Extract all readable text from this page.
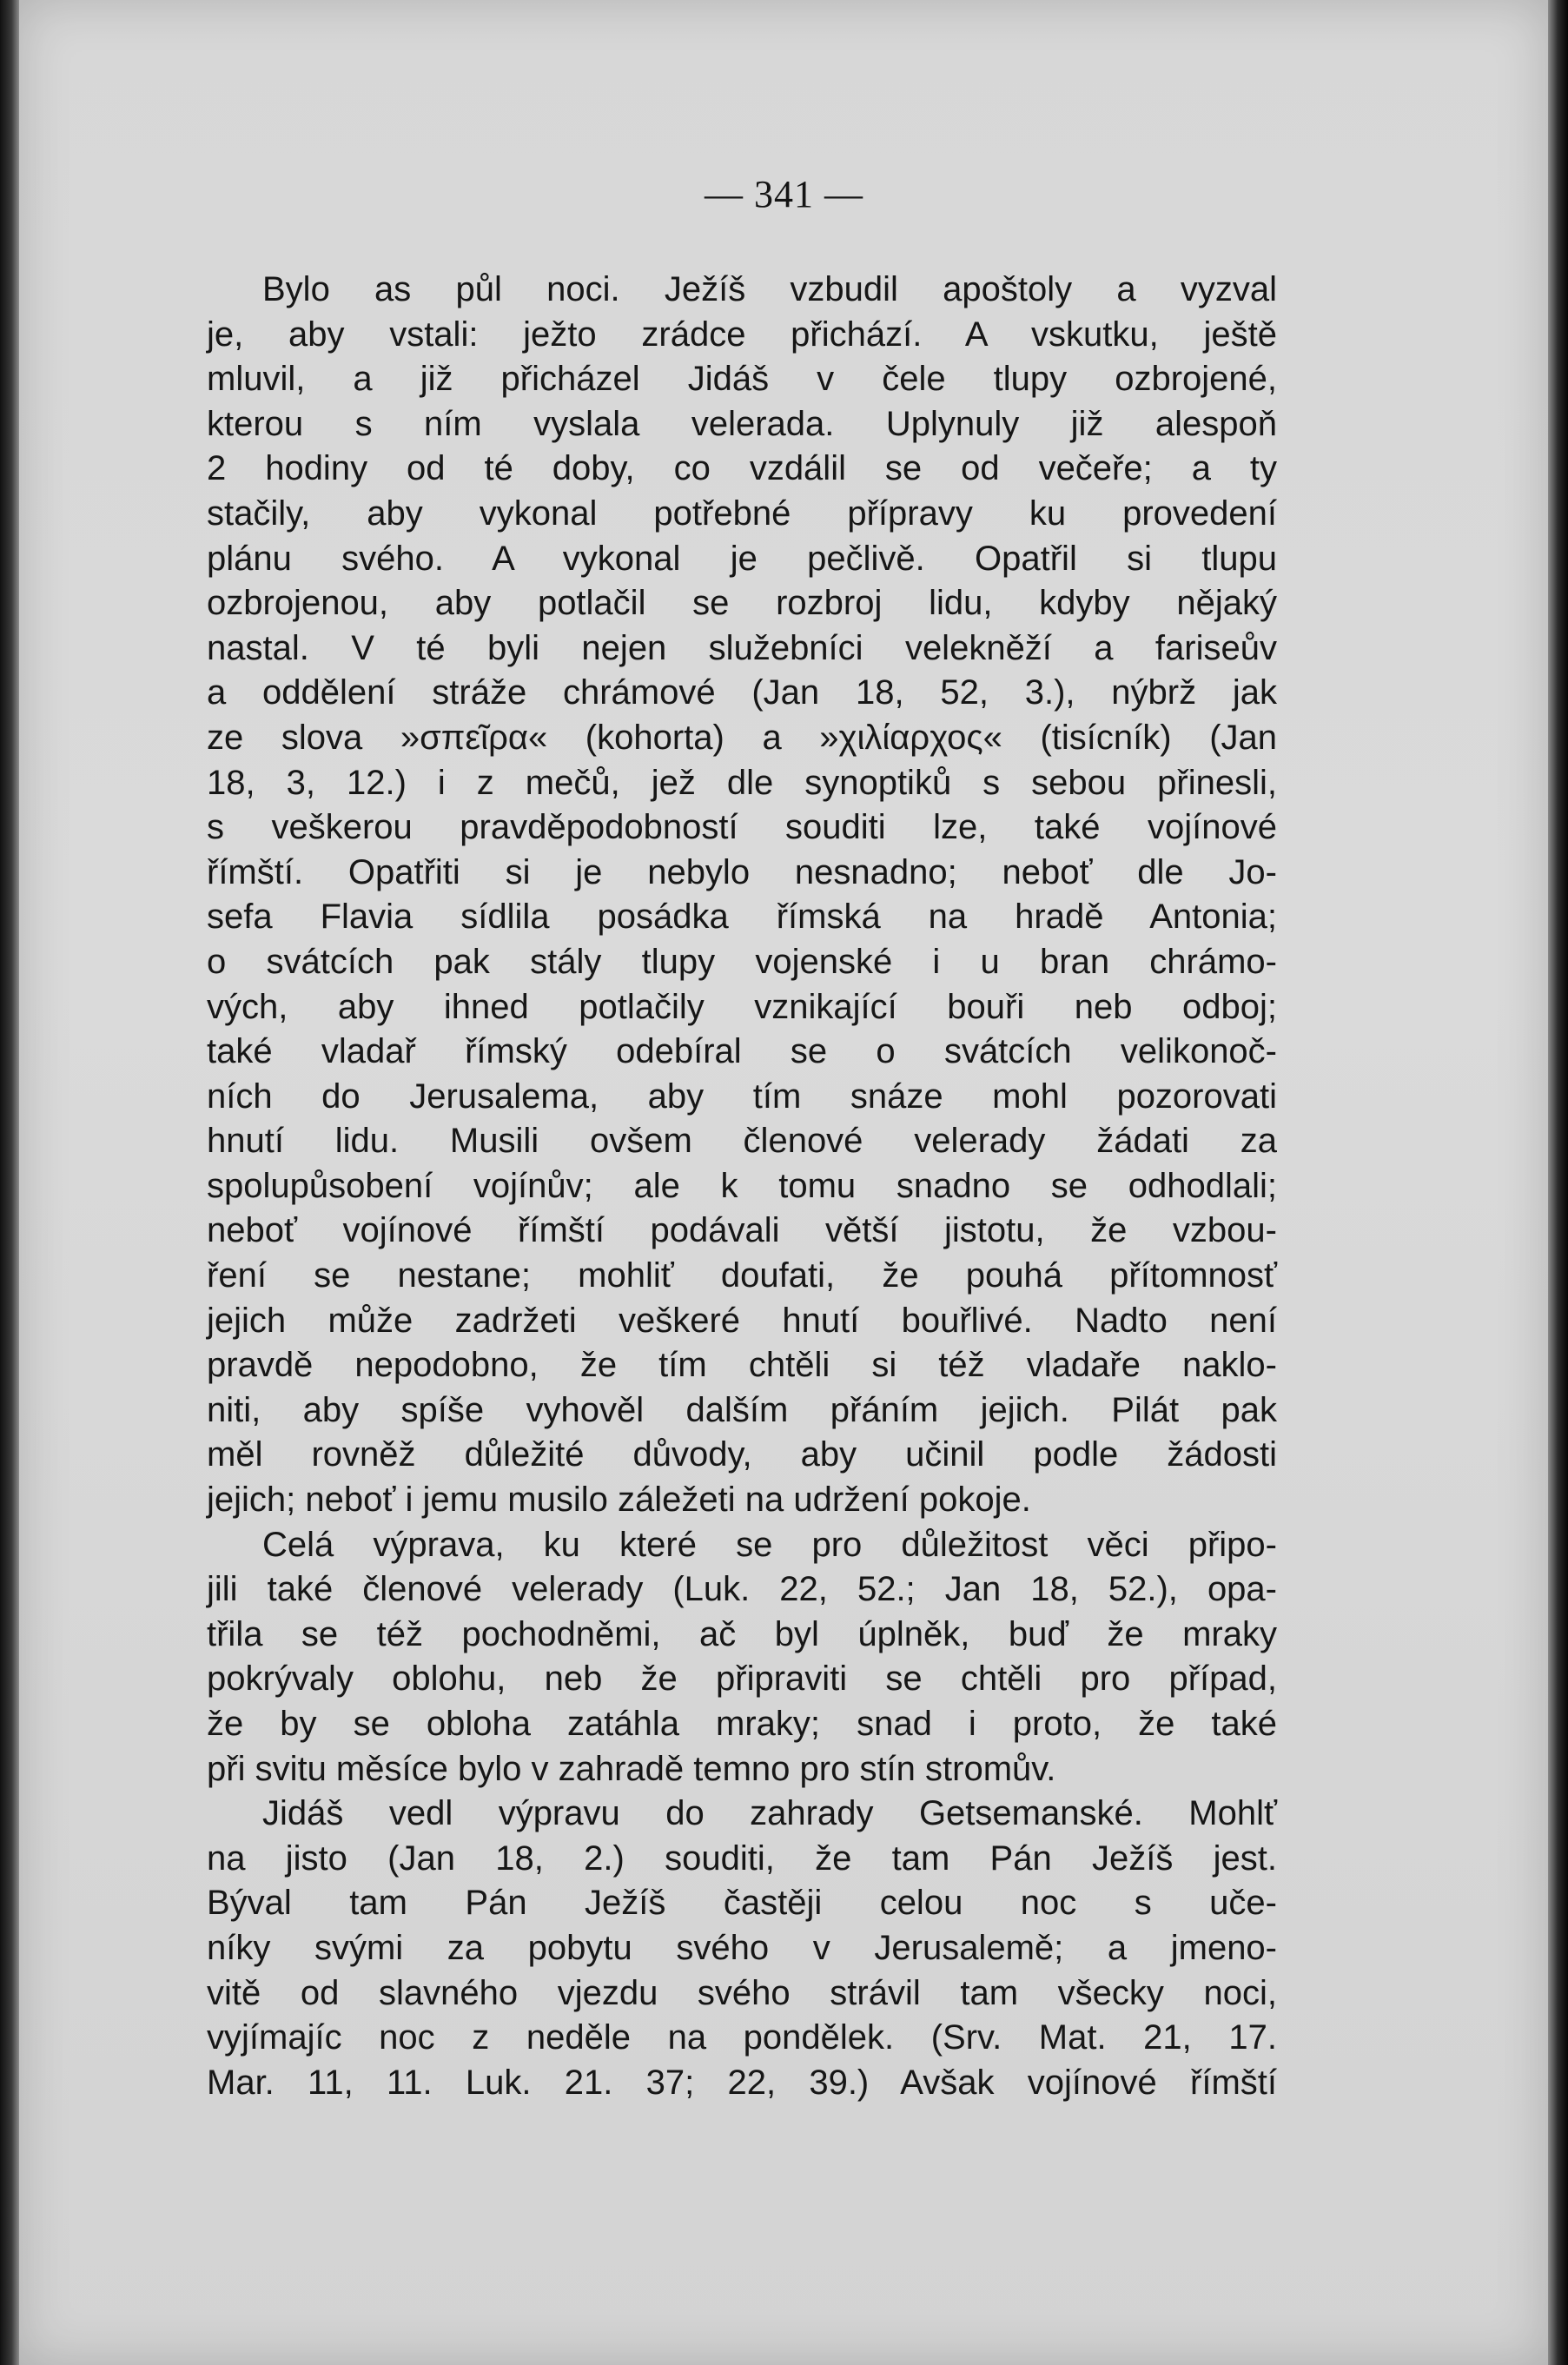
— 341 —
Bylo as půl noci. Ježíš vzbudil apoštoly a vyzval
je, aby vstali: ježto zrádce přichází. A vskutku, ještě
mluvil, a již přicházel Jidáš v čele tlupy ozbrojené,
kterou s ním vyslala velerada. Uplynuly již alespoň
2 hodiny od té doby, co vzdálil se od večeře; a ty
stačily, aby vykonal potřebné přípravy ku provedení
plánu svého. A vykonal je pečlivě. Opatřil si tlupu
ozbrojenou, aby potlačil se rozbroj lidu, kdyby nějaký
nastal. V té byli nejen služebníci velekněží a fariseův
a oddělení stráže chrámové (Jan 18, 52, 3.), nýbrž jak
ze slova »σπεῖρα« (kohorta) a »χιλίαρχος« (tisícník) (Jan
18, 3, 12.) i z mečů, jež dle synoptiků s sebou přinesli,
s veškerou pravděpodobností souditi lze, také vojínové
římští. Opatřiti si je nebylo nesnadno; neboť dle Jo-
sefa Flavia sídlila posádka římská na hradě Antonia;
o svátcích pak stály tlupy vojenské i u bran chrámo-
vých, aby ihned potlačily vznikající bouři neb odboj;
také vladař římský odebíral se o svátcích velikonoč-
ních do Jerusalema, aby tím snáze mohl pozorovati
hnutí lidu. Musili ovšem členové velerady žádati za
spolupůsobení vojínův; ale k tomu snadno se odhodlali;
neboť vojínové římští podávali větší jistotu, že vzbou-
ření se nestane; mohliť doufati, že pouhá přítomnosť
jejich může zadržeti veškeré hnutí bouřlivé. Nadto není
pravdě nepodobno, že tím chtěli si též vladaře naklo-
niti, aby spíše vyhověl dalším přáním jejich. Pilát pak
měl rovněž důležité důvody, aby učinil podle žádosti
jejich; neboť i jemu musilo záležeti na udržení pokoje.
Celá výprava, ku které se pro důležitost věci připo-
jili také členové velerady (Luk. 22, 52.; Jan 18, 52.), opa-
třila se též pochodněmi, ač byl úplněk, buď že mraky
pokrývaly oblohu, neb že připraviti se chtěli pro případ,
že by se obloha zatáhla mraky; snad i proto, že také
při svitu měsíce bylo v zahradě temno pro stín stromův.
Jidáš vedl výpravu do zahrady Getsemanské. Mohlť
na jisto (Jan 18, 2.) souditi, že tam Pán Ježíš jest.
Býval tam Pán Ježíš častěji celou noc s uče-
níky svými za pobytu svého v Jerusalemě; a jmeno-
vitě od slavného vjezdu svého strávil tam všecky noci,
vyjímajíc noc z neděle na pondělek. (Srv. Mat. 21, 17.
Mar. 11, 11. Luk. 21. 37; 22, 39.) Avšak vojínové římští
